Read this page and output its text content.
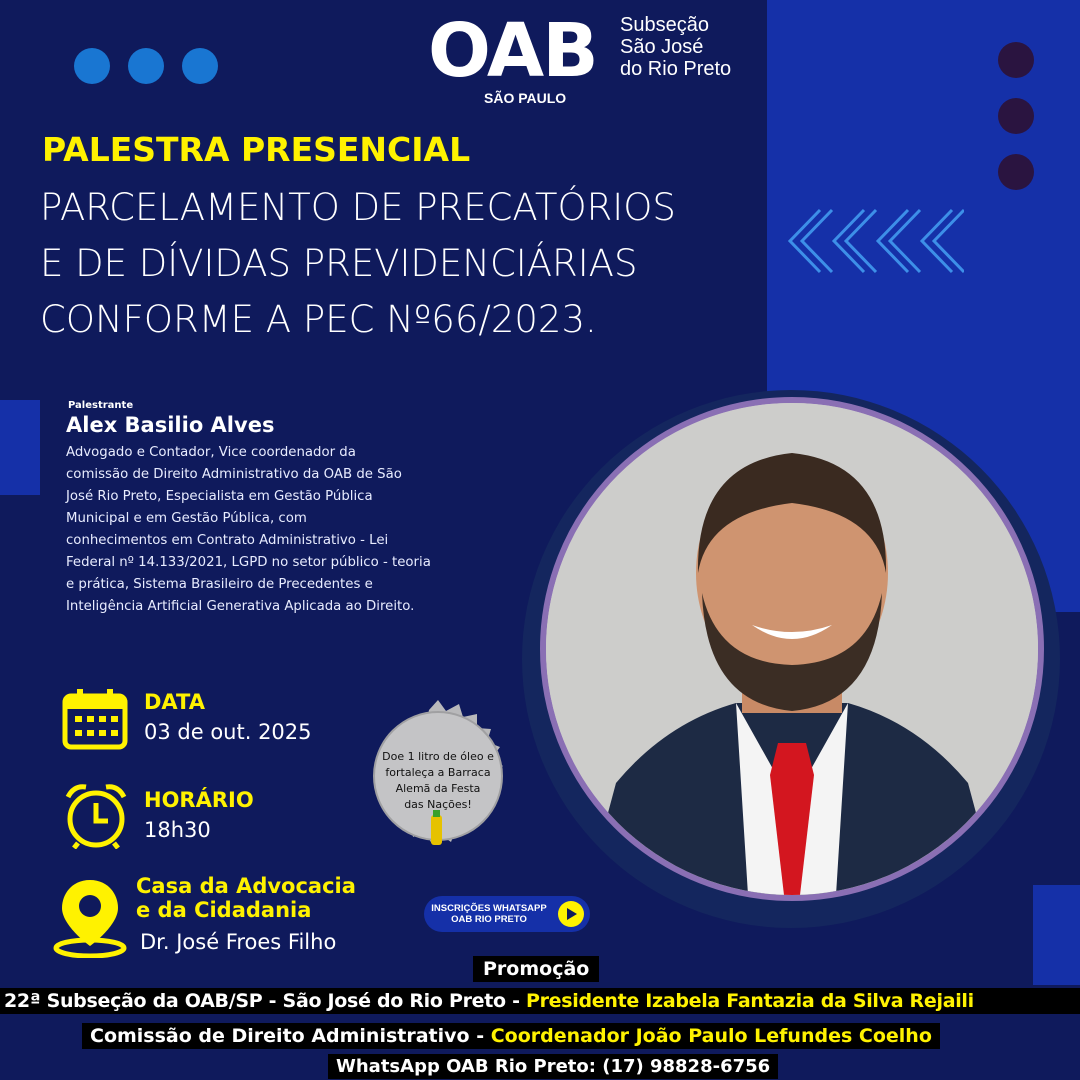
OAB
SÃO PAULO
Subseção
São José
do Rio Preto
PALESTRA PRESENCIAL
PARCELAMENTO DE PRECATÓRIOS
E DE DÍVIDAS PREVIDENCIÁRIAS
CONFORME A PEC Nº66/2023.
Palestrante
Alex Basilio Alves
Advogado e Contador, Vice coordenador da
comissão de Direito Administrativo da OAB de São
José Rio Preto, Especialista em Gestão Pública
Municipal e em Gestão Pública, com
conhecimentos em Contrato Administrativo - Lei
Federal nº 14.133/2021, LGPD no setor público - teoria
e prática, Sistema Brasileiro de Precedentes e
Inteligência Artificial Generativa Aplicada ao Direito.
DATA
03 de out. 2025
HORÁRIO
18h30
Casa da Advocacia
e da Cidadania
Dr. José Froes Filho
Doe 1 litro de óleo e
fortaleça a Barraca
Alemã da Festa
das Nações!
INSCRIÇÕES WHATSAPP
OAB RIO PRETO
Promoção
22ª Subseção da OAB/SP - São José do Rio Preto - Presidente Izabela Fantazia da Silva Rejaili
Comissão de Direito Administrativo - Coordenador João Paulo Lefundes Coelho
WhatsApp OAB Rio Preto: (17) 98828-6756
